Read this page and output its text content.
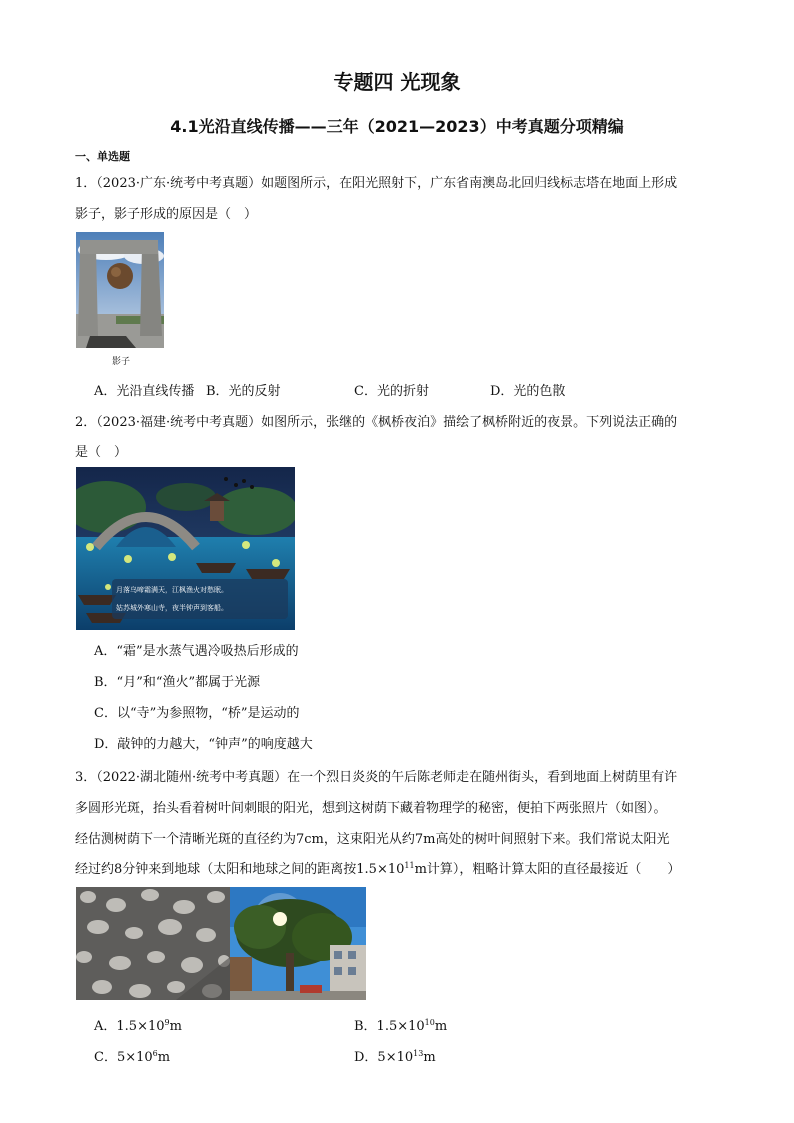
专题四 光现象
4.1光沿直线传播——三年（2021—2023）中考真题分项精编
一、单选题
1．（2023·广东·统考中考真题）如题图所示，在阳光照射下，广东省南澳岛北回归线标志塔在地面上形成
影子，影子形成的原因是（　）
影子
A．光沿直线传播 B．光的反射	C．光的折射	D．光的色散
2．（2023·福建·统考中考真题）如图所示，张继的《枫桥夜泊》描绘了枫桥附近的夜景。下列说法正确的
是（　）
月落乌啼霜满天，江枫渔火对愁眠。
姑苏城外寒山寺，夜半钟声到客船。
A．“霜”是水蒸气遇冷吸热后形成的
B．“月”和“渔火”都属于光源
C．以“寺”为参照物，“桥”是运动的
D．敲钟的力越大，“钟声”的响度越大
3．（2022·湖北随州·统考中考真题）在一个烈日炎炎的午后陈老师走在随州街头，看到地面上树荫里有许
多圆形光斑，抬头看着树叶间刺眼的阳光，想到这树荫下藏着物理学的秘密，便拍下两张照片（如图）。
经估测树荫下一个清晰光斑的直径约为7cm，这束阳光从约7m高处的树叶间照射下来。我们常说太阳光
经过约8分钟来到地球（太阳和地球之间的距离按$1.5\times 10^{11}m$计算），粗略计算太阳的直径最接近（　　）
A．$1.5\times 10^9m$	B．$1.5\times 10^{10}m$
C．$5\times 10^6m$	D．$5\times 10^{13}m$
